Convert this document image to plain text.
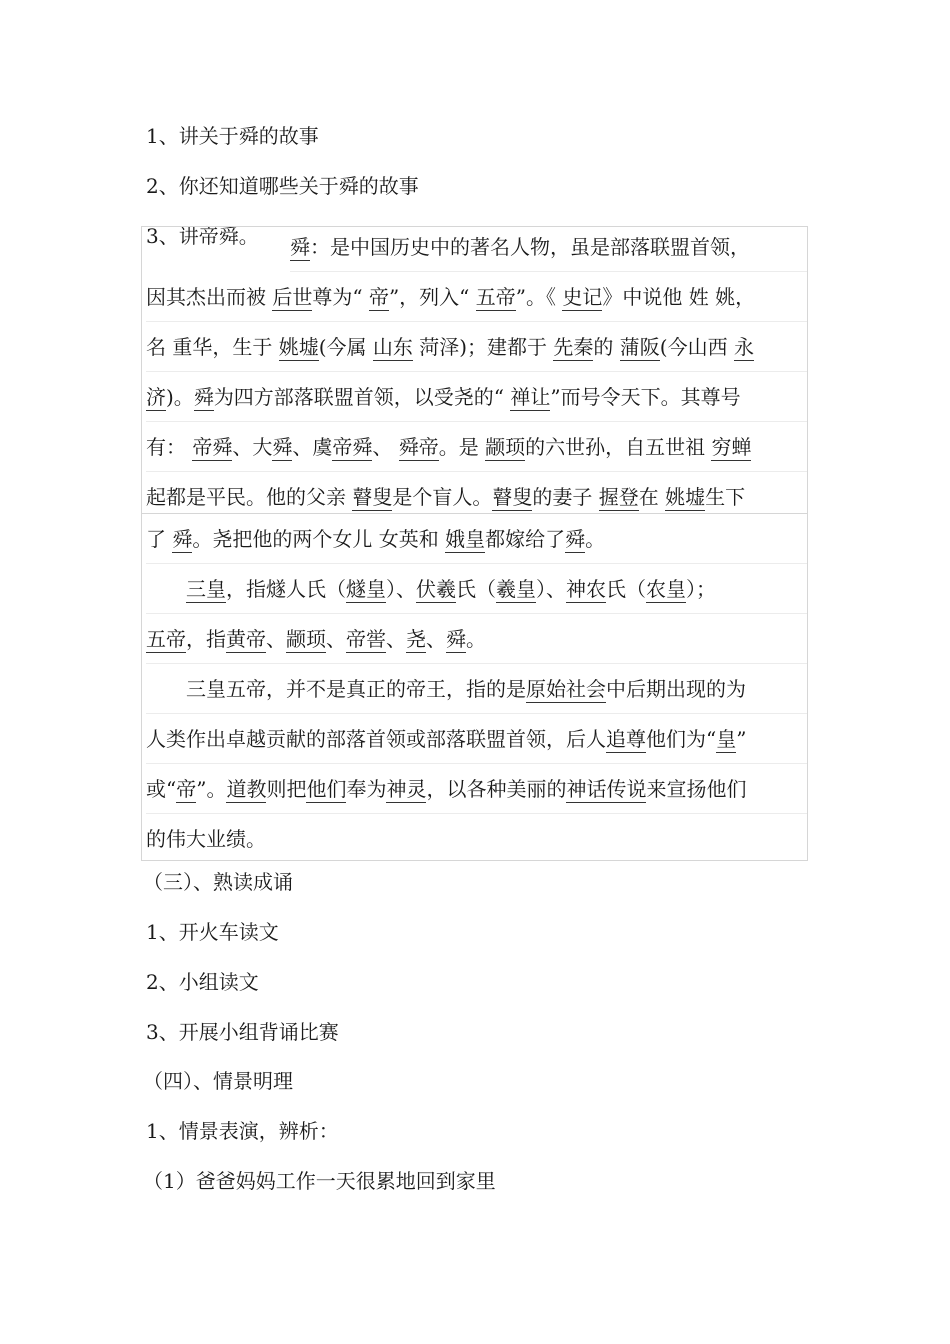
1、讲关于舜的故事
2、你还知道哪些关于舜的故事
3、讲帝舜。 舜：是中国历史中的著名人物，虽是部落联盟首领，
因其杰出而被 后世尊为“ 帝”，列入“ 五帝”。《 史记》中说他 姓 姚，
名 重华，生于 姚墟(今属 山东 菏泽)；建都于 先秦的 蒲阪(今山西 永
济)。舜为四方部落联盟首领，以受尧的“ 禅让”而号令天下。其尊号
有： 帝舜、大舜、虞帝舜、 舜帝。是 颛顼的六世孙，自五世祖 穷蝉
起都是平民。他的父亲 瞽叟是个盲人。瞽叟的妻子 握登在 姚墟生下
了 舜。尧把他的两个女儿 女英和 娥皇都嫁给了舜。
　　三皇，指燧人氏（燧皇）、伏羲氏（羲皇）、神农氏（农皇）；
五帝，指黄帝、颛顼、帝喾、尧、舜。
　　三皇五帝，并不是真正的帝王，指的是原始社会中后期出现的为
人类作出卓越贡献的部落首领或部落联盟首领，后人追尊他们为“皇”
或“帝”。道教则把他们奉为神灵，以各种美丽的神话传说来宣扬他们
的伟大业绩。
（三）、熟读成诵
1、开火车读文
2、小组读文
3、开展小组背诵比赛
（四）、情景明理
1、情景表演，辨析：
（1）爸爸妈妈工作一天很累地回到家里
